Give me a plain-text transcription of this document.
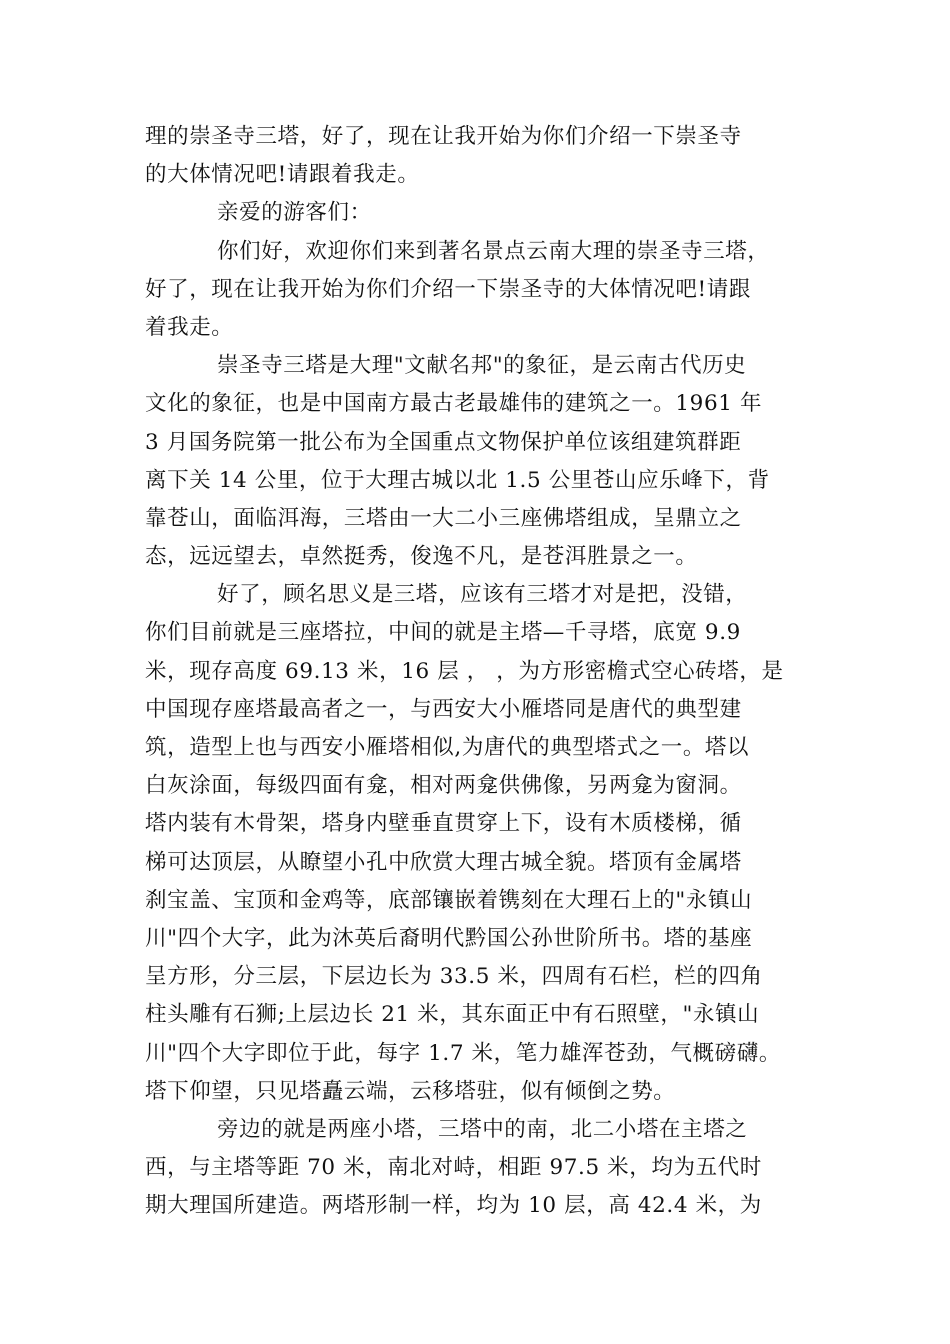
理的崇圣寺三塔，好了，现在让我开始为你们介绍一下崇圣寺
的大体情况吧!请跟着我走。
亲爱的游客们：
你们好，欢迎你们来到著名景点云南大理的崇圣寺三塔，
好了，现在让我开始为你们介绍一下崇圣寺的大体情况吧!请跟
着我走。
崇圣寺三塔是大理"文献名邦"的象征，是云南古代历史
文化的象征，也是中国南方最古老最雄伟的建筑之一。1961 年
3 月国务院第一批公布为全国重点文物保护单位该组建筑群距
离下关 14 公里，位于大理古城以北 1.5 公里苍山应乐峰下，背
靠苍山，面临洱海，三塔由一大二小三座佛塔组成，呈鼎立之
态，远远望去，卓然挺秀，俊逸不凡，是苍洱胜景之一。
好了，顾名思义是三塔，应该有三塔才对是把，没错，
你们目前就是三座塔拉，中间的就是主塔—千寻塔，底宽 9.9
米，现存高度 69.13 米，16 层 ， ，为方形密檐式空心砖塔，是
中国现存座塔最高者之一，与西安大小雁塔同是唐代的典型建
筑，造型上也与西安小雁塔相似,为唐代的典型塔式之一。塔以
白灰涂面，每级四面有龛，相对两龛供佛像，另两龛为窗洞。
塔内装有木骨架，塔身内壁垂直贯穿上下，设有木质楼梯，循
梯可达顶层，从瞭望小孔中欣赏大理古城全貌。塔顶有金属塔
刹宝盖、宝顶和金鸡等，底部镶嵌着镌刻在大理石上的"永镇山
川"四个大字，此为沐英后裔明代黔国公孙世阶所书。塔的基座
呈方形，分三层，下层边长为 33.5 米，四周有石栏，栏的四角
柱头雕有石狮;上层边长 21 米，其东面正中有石照壁，"永镇山
川"四个大字即位于此，每字 1.7 米，笔力雄浑苍劲，气概磅礴。
塔下仰望，只见塔矗云端，云移塔驻，似有倾倒之势。
旁边的就是两座小塔，三塔中的南，北二小塔在主塔之
西，与主塔等距 70 米，南北对峙，相距 97.5 米，均为五代时
期大理国所建造。两塔形制一样，均为 10 层，高 42.4 米，为
